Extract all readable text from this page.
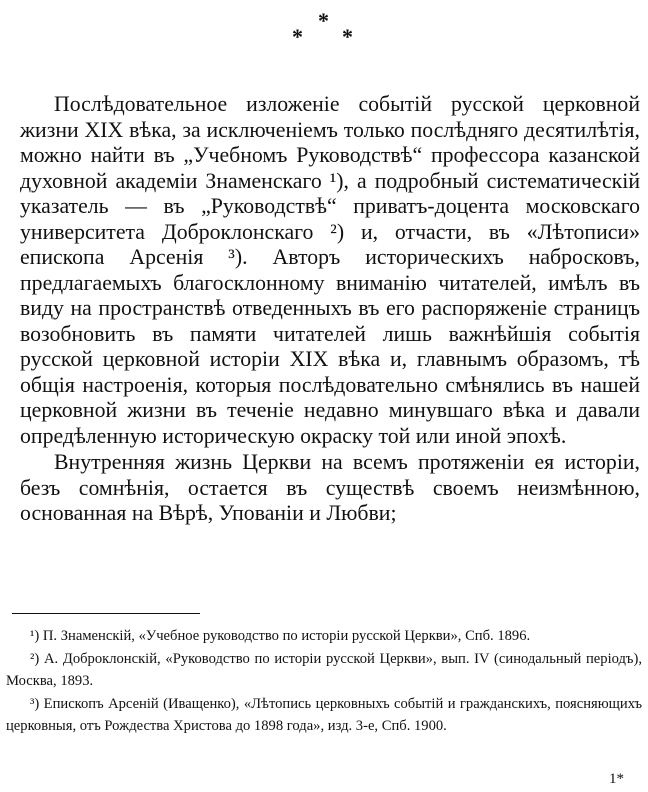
*
* *

Послѣдовательное изложенiе событiй русской церковной жизни XIX вѣка, за исключенiемъ только послѣдняго десятилѣтiя, можно найти въ „Учебномъ Руководствѣ“ профессора казанской духовной академiи Знаменскаго ¹), а подробный систематическiй указатель — въ „Руководствѣ“ приватъ-доцента московскаго университета Доброклонскаго ²) и, отчасти, въ «Лѣтописи» епископа Арсенiя ³). Авторъ историческихъ набросковъ, предлагаемыхъ благосклонному вниманiю читателей, имѣлъ въ виду на пространствѣ отведенныхъ въ его распоряженiе страницъ возобновить въ памяти читателей лишь важнѣйшiя событiя русской церковной исторiи XIX вѣка и, главнымъ образомъ, тѣ общiя настроенiя, которыя послѣдовательно смѣнялись въ нашей церковной жизни въ теченiе недавно минувшаго вѣка и давали опредѣленную историческую окраску той или иной эпохѣ.

Внутренняя жизнь Церкви на всемъ протяженiи ея исторiи, безъ сомнѣнiя, остается въ существѣ своемъ неизмѣнною, основанная на Вѣрѣ, Упованiи и Любви;

¹) П. Знаменскiй, «Учебное руководство по исторiи русской Церкви», Спб. 1896.

²) А. Доброклонскiй, «Руководство по исторiи русской Церкви», вып. IV (синодальный перiодъ), Москва, 1893.

³) Епископъ Арсенiй (Иващенко), «Лѣтопись церковныхъ событiй и гражданскихъ, поясняющихъ церковныя, отъ Рождества Христова до 1898 года», изд. 3-е, Спб. 1900.

1*
